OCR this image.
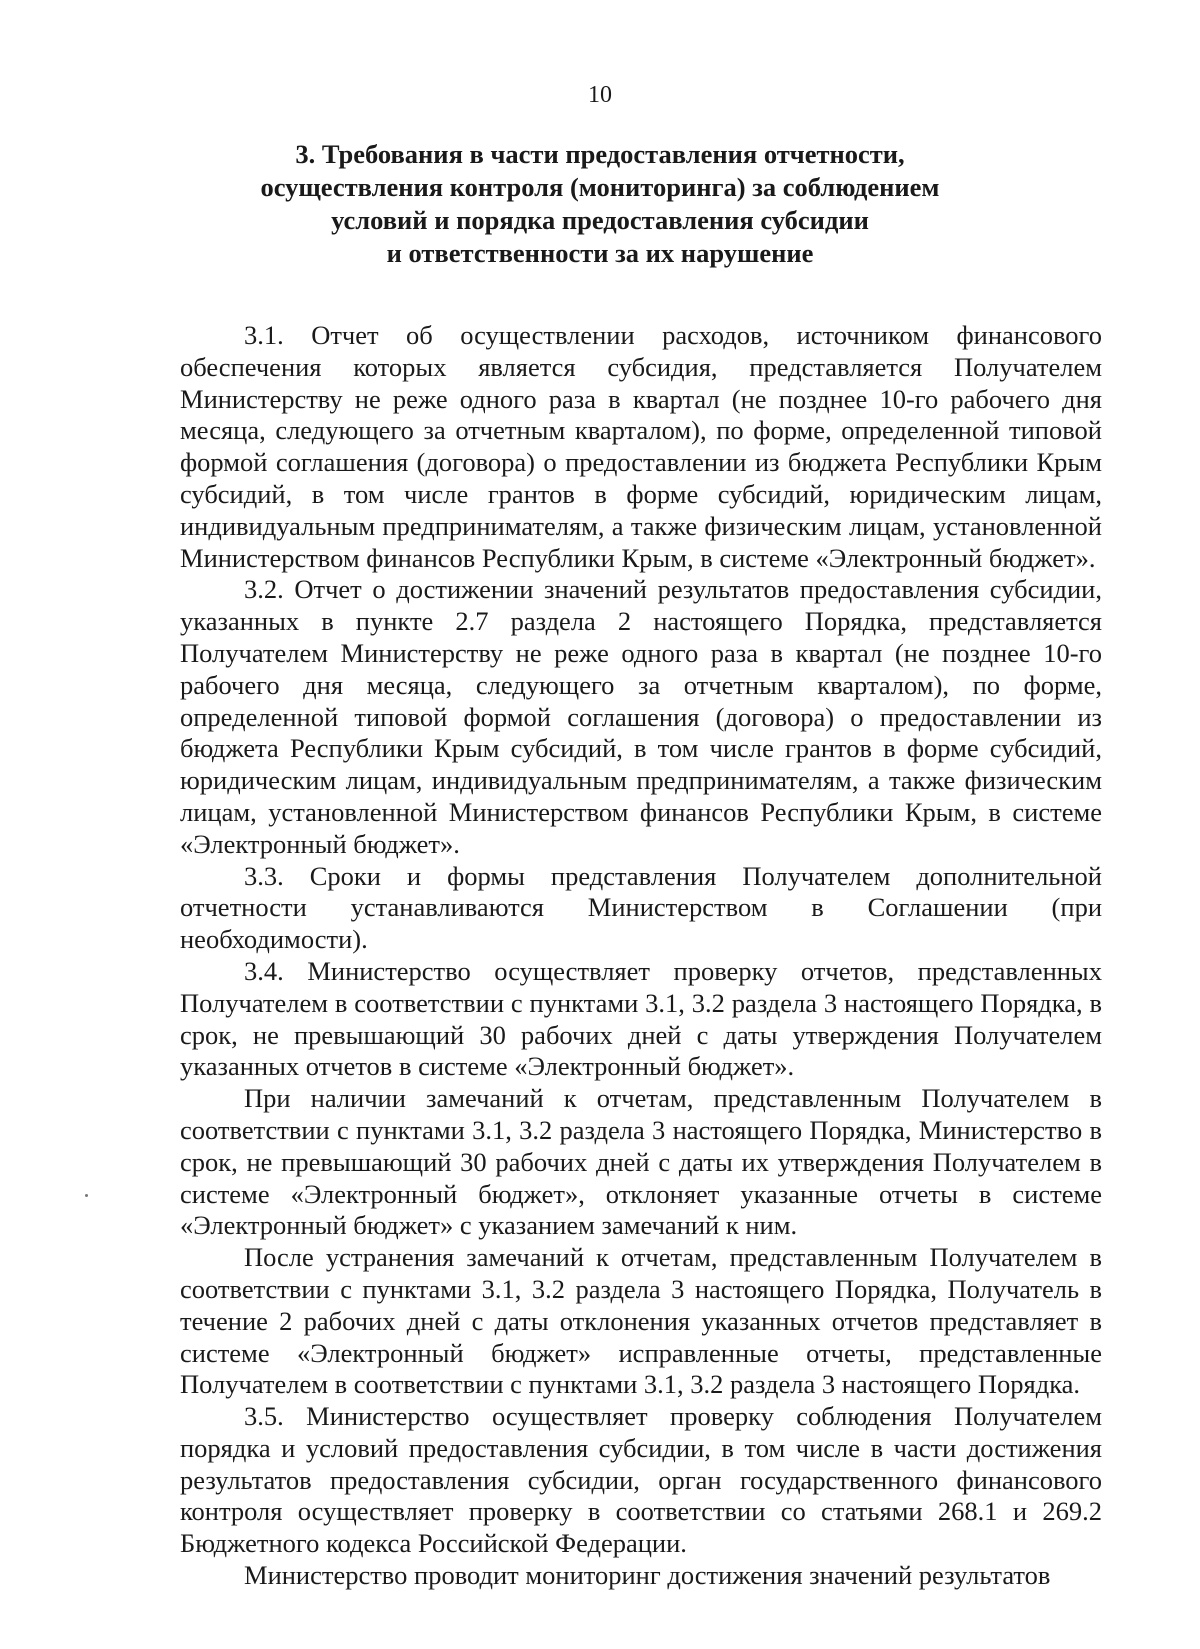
10
3. Требования в части предоставления отчетности,
осуществления контроля (мониторинга) за соблюдением
условий и порядка предоставления субсидии
и ответственности за их нарушение

3.1. Отчет об осуществлении расходов, источником финансового обеспечения которых является субсидия, представляется Получателем Министерству не реже одного раза в квартал (не позднее 10-го рабочего дня месяца, следующего за отчетным кварталом), по форме, определенной типовой формой соглашения (договора) о предоставлении из бюджета Республики Крым субсидий, в том числе грантов в форме субсидий, юридическим лицам, индивидуальным предпринимателям, а также физическим лицам, установленной Министерством финансов Республики Крым, в системе «Электронный бюджет».

3.2. Отчет о достижении значений результатов предоставления субсидии, указанных в пункте 2.7 раздела 2 настоящего Порядка, представляется Получателем Министерству не реже одного раза в квартал (не позднее 10-го рабочего дня месяца, следующего за отчетным кварталом), по форме, определенной типовой формой соглашения (договора) о предоставлении из бюджета Республики Крым субсидий, в том числе грантов в форме субсидий, юридическим лицам, индивидуальным предпринимателям, а также физическим лицам, установленной Министерством финансов Республики Крым, в системе «Электронный бюджет».

3.3. Сроки и формы представления Получателем дополнительной отчетности устанавливаются Министерством в Соглашении (при необходимости).

3.4. Министерство осуществляет проверку отчетов, представленных Получателем в соответствии с пунктами 3.1, 3.2 раздела 3 настоящего Порядка, в срок, не превышающий 30 рабочих дней с даты утверждения Получателем указанных отчетов в системе «Электронный бюджет».

При наличии замечаний к отчетам, представленным Получателем в соответствии с пунктами 3.1, 3.2 раздела 3 настоящего Порядка, Министерство в срок, не превышающий 30 рабочих дней с даты их утверждения Получателем в системе «Электронный бюджет», отклоняет указанные отчеты в системе «Электронный бюджет» с указанием замечаний к ним.

После устранения замечаний к отчетам, представленным Получателем в соответствии с пунктами 3.1, 3.2 раздела 3 настоящего Порядка, Получатель в течение 2 рабочих дней с даты отклонения указанных отчетов представляет в системе «Электронный бюджет» исправленные отчеты, представленные Получателем в соответствии с пунктами 3.1, 3.2 раздела 3 настоящего Порядка.

3.5. Министерство осуществляет проверку соблюдения Получателем порядка и условий предоставления субсидии, в том числе в части достижения результатов предоставления субсидии, орган государственного финансового контроля осуществляет проверку в соответствии со статьями 268.1 и 269.2 Бюджетного кодекса Российской Федерации.

Министерство проводит мониторинг достижения значений результатов
